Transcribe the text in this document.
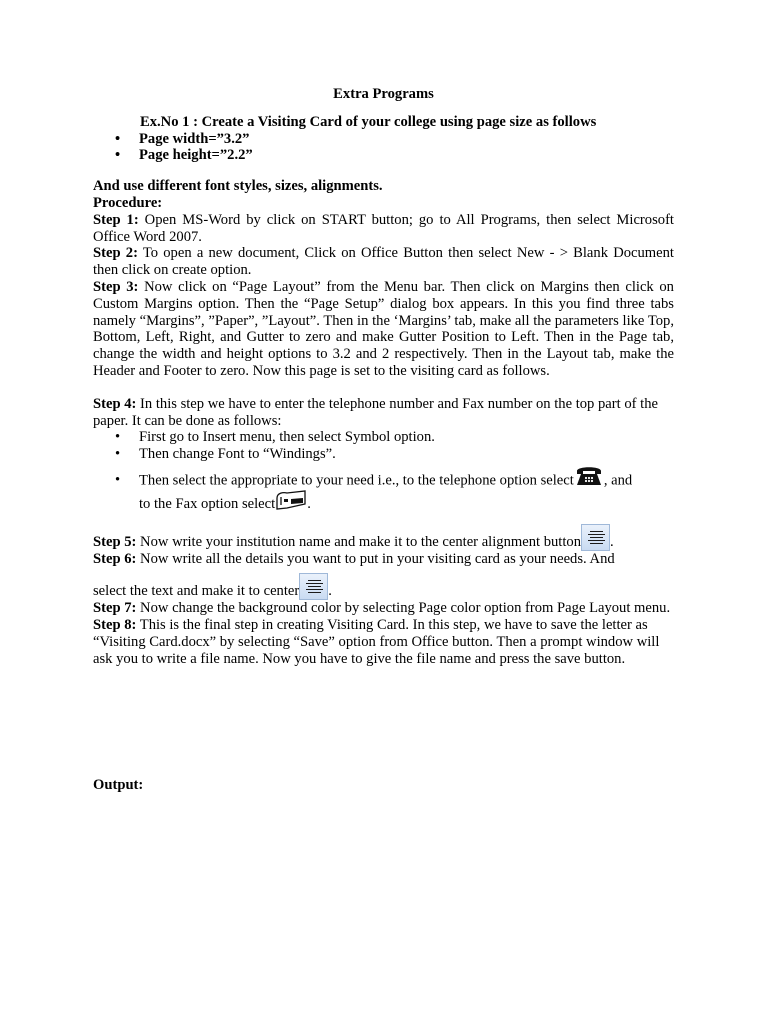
Extra Programs
Ex.No 1 : Create a Visiting Card of your college using page size as follows
• Page width=”3.2”
• Page height=”2.2”
And use different font styles, sizes, alignments.
Procedure:
Step 1: Open MS-Word by click on START button; go to All Programs, then select Microsoft Office Word 2007.
Step 2: To open a new document, Click on Office Button then select New - > Blank Document then click on create option.
Step 3: Now click on “Page Layout” from the Menu bar. Then click on Margins then click on Custom Margins option. Then the “Page Setup” dialog box appears. In this you find three tabs namely “Margins”, ”Paper”, ”Layout”. Then in the ‘Margins’ tab, make all the parameters like Top, Bottom, Left, Right, and Gutter to zero and make Gutter Position to Left. Then in the Page tab, change the width and height options to 3.2 and 2 respectively. Then in the Layout tab, make the Header and Footer to zero. Now this page is set to the visiting card as follows.
Step 4: In this step we have to enter the telephone number and Fax number on the top part of the paper. It can be done as follows:
• First go to Insert menu, then select Symbol option.
• Then change Font to “Windings”.
• Then select the appropriate to your need i.e., to the telephone option select , and
to the Fax option select .
Step 5: Now write your institution name and make it to the center alignment button .
Step 6: Now write all the details you want to put in your visiting card as your needs. And
select the text and make it to center .
Step 7: Now change the background color by selecting Page color option from Page Layout menu.
Step 8: This is the final step in creating Visiting Card. In this step, we have to save the letter as “Visiting Card.docx” by selecting “Save” option from Office button. Then a prompt window will ask you to write a file name. Now you have to give the file name and press the save button.
Output:
